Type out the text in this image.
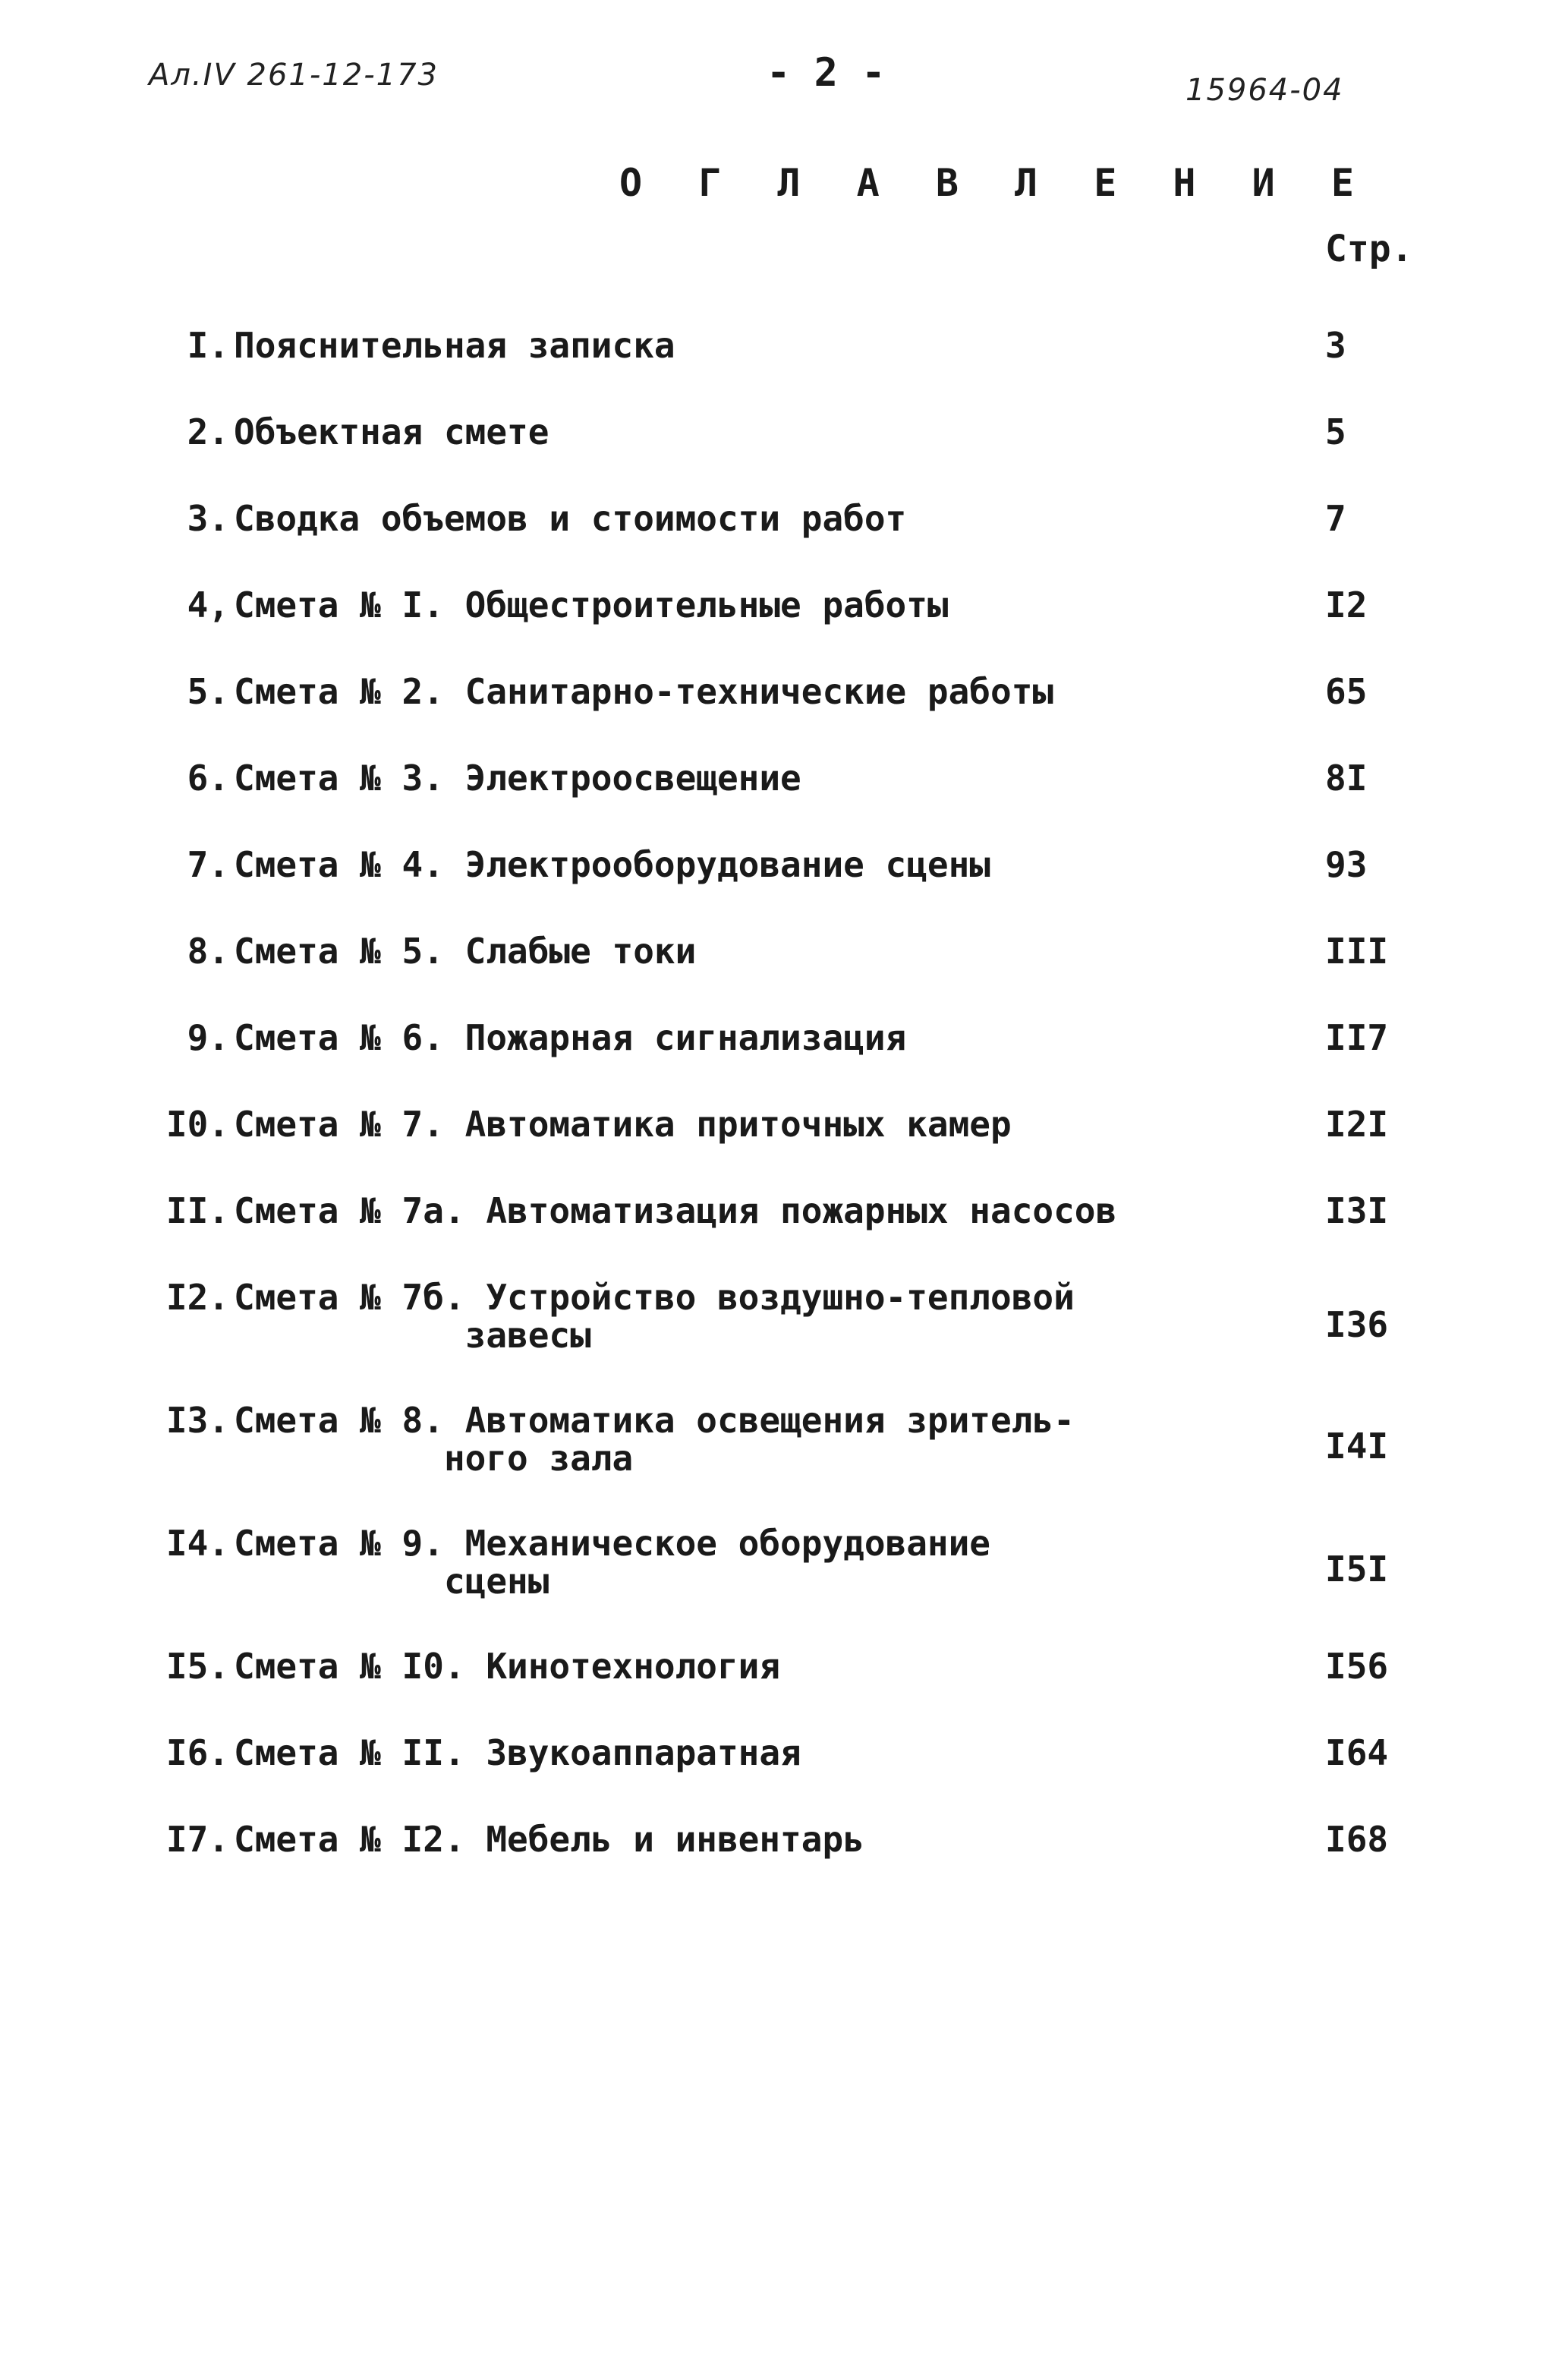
Ал.IV 261-12-173	- 2 -	15964-04
О Г Л А В Л Е Н И Е
Стр.
I. Пояснительная записка	3
2. Объектная смете	5
3. Сводка объемов и стоимости работ	7
4, Смета № I. Общестроительные работы	I2
5. Смета № 2. Санитарно-технические работы	65
6. Смета № 3. Электроосвещение	8I
7. Смета № 4. Электрооборудование сцены	93
8. Смета № 5. Слабые токи	III
9. Смета № 6. Пожарная сигнализация	II7
I0. Смета № 7. Автоматика приточных камер	I2I
II. Смета № 7а. Автоматизация пожарных насосов	I3I
I2. Смета № 7б. Устройство воздушно-тепловой
завесы	I36
I3. Смета № 8. Автоматика освещения зритель-
ного зала	I4I
I4. Смета № 9. Механическое оборудование
сцены	I5I
I5. Смета № I0. Кинотехнология	I56
I6. Смета № II. Звукоаппаратная	I64
I7. Смета № I2. Мебель и инвентарь	I68
